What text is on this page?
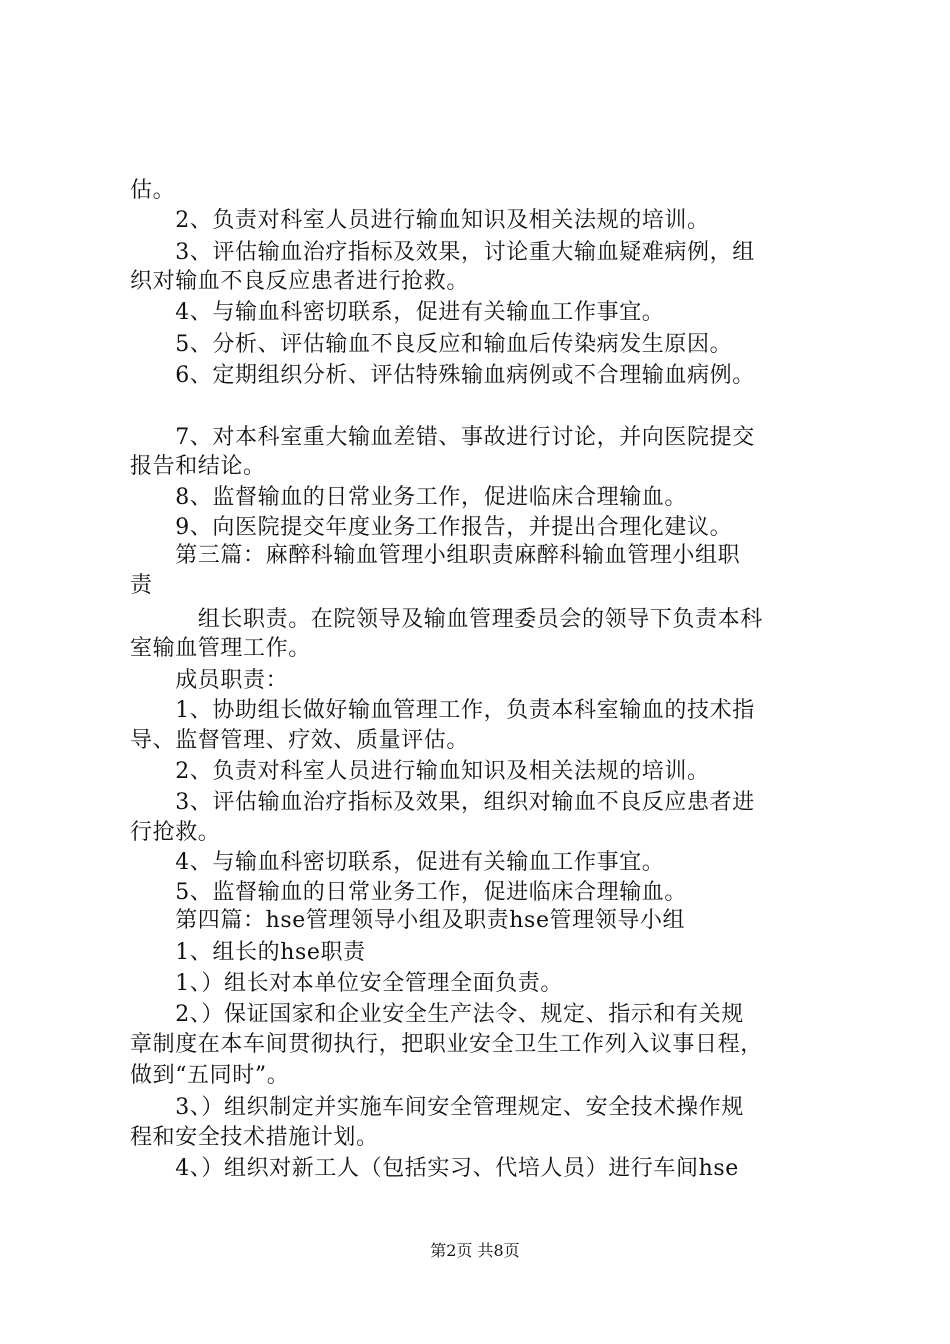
估。
　　2、负责对科室人员进行输血知识及相关法规的培训。
　　3、评估输血治疗指标及效果，讨论重大输血疑难病例，组
织对输血不良反应患者进行抢救。
　　4、与输血科密切联系，促进有关输血工作事宜。
　　5、分析、评估输血不良反应和输血后传染病发生原因。
　　6、定期组织分析、评估特殊输血病例或不合理输血病例。
　　7、对本科室重大输血差错、事故进行讨论，并向医院提交
报告和结论。
　　8、监督输血的日常业务工作，促进临床合理输血。
　　9、向医院提交年度业务工作报告，并提出合理化建议。
　　第三篇：麻醉科输血管理小组职责麻醉科输血管理小组职
责
　　　组长职责。在院领导及输血管理委员会的领导下负责本科
室输血管理工作。
　　成员职责：
　　1、协助组长做好输血管理工作，负责本科室输血的技术指
导、监督管理、疗效、质量评估。
　　2、负责对科室人员进行输血知识及相关法规的培训。
　　3、评估输血治疗指标及效果，组织对输血不良反应患者进
行抢救。
　　4、与输血科密切联系，促进有关输血工作事宜。
　　5、监督输血的日常业务工作，促进临床合理输血。
　　第四篇：hse管理领导小组及职责hse管理领导小组
　　1、组长的hse职责
　　1、）组长对本单位安全管理全面负责。
　　2、）保证国家和企业安全生产法令、规定、指示和有关规
章制度在本车间贯彻执行，把职业安全卫生工作列入议事日程，
做到“五同时”。
　　3、）组织制定并实施车间安全管理规定、安全技术操作规
程和安全技术措施计划。
　　4、）组织对新工人（包括实习、代培人员）进行车间hse
第2页 共8页
